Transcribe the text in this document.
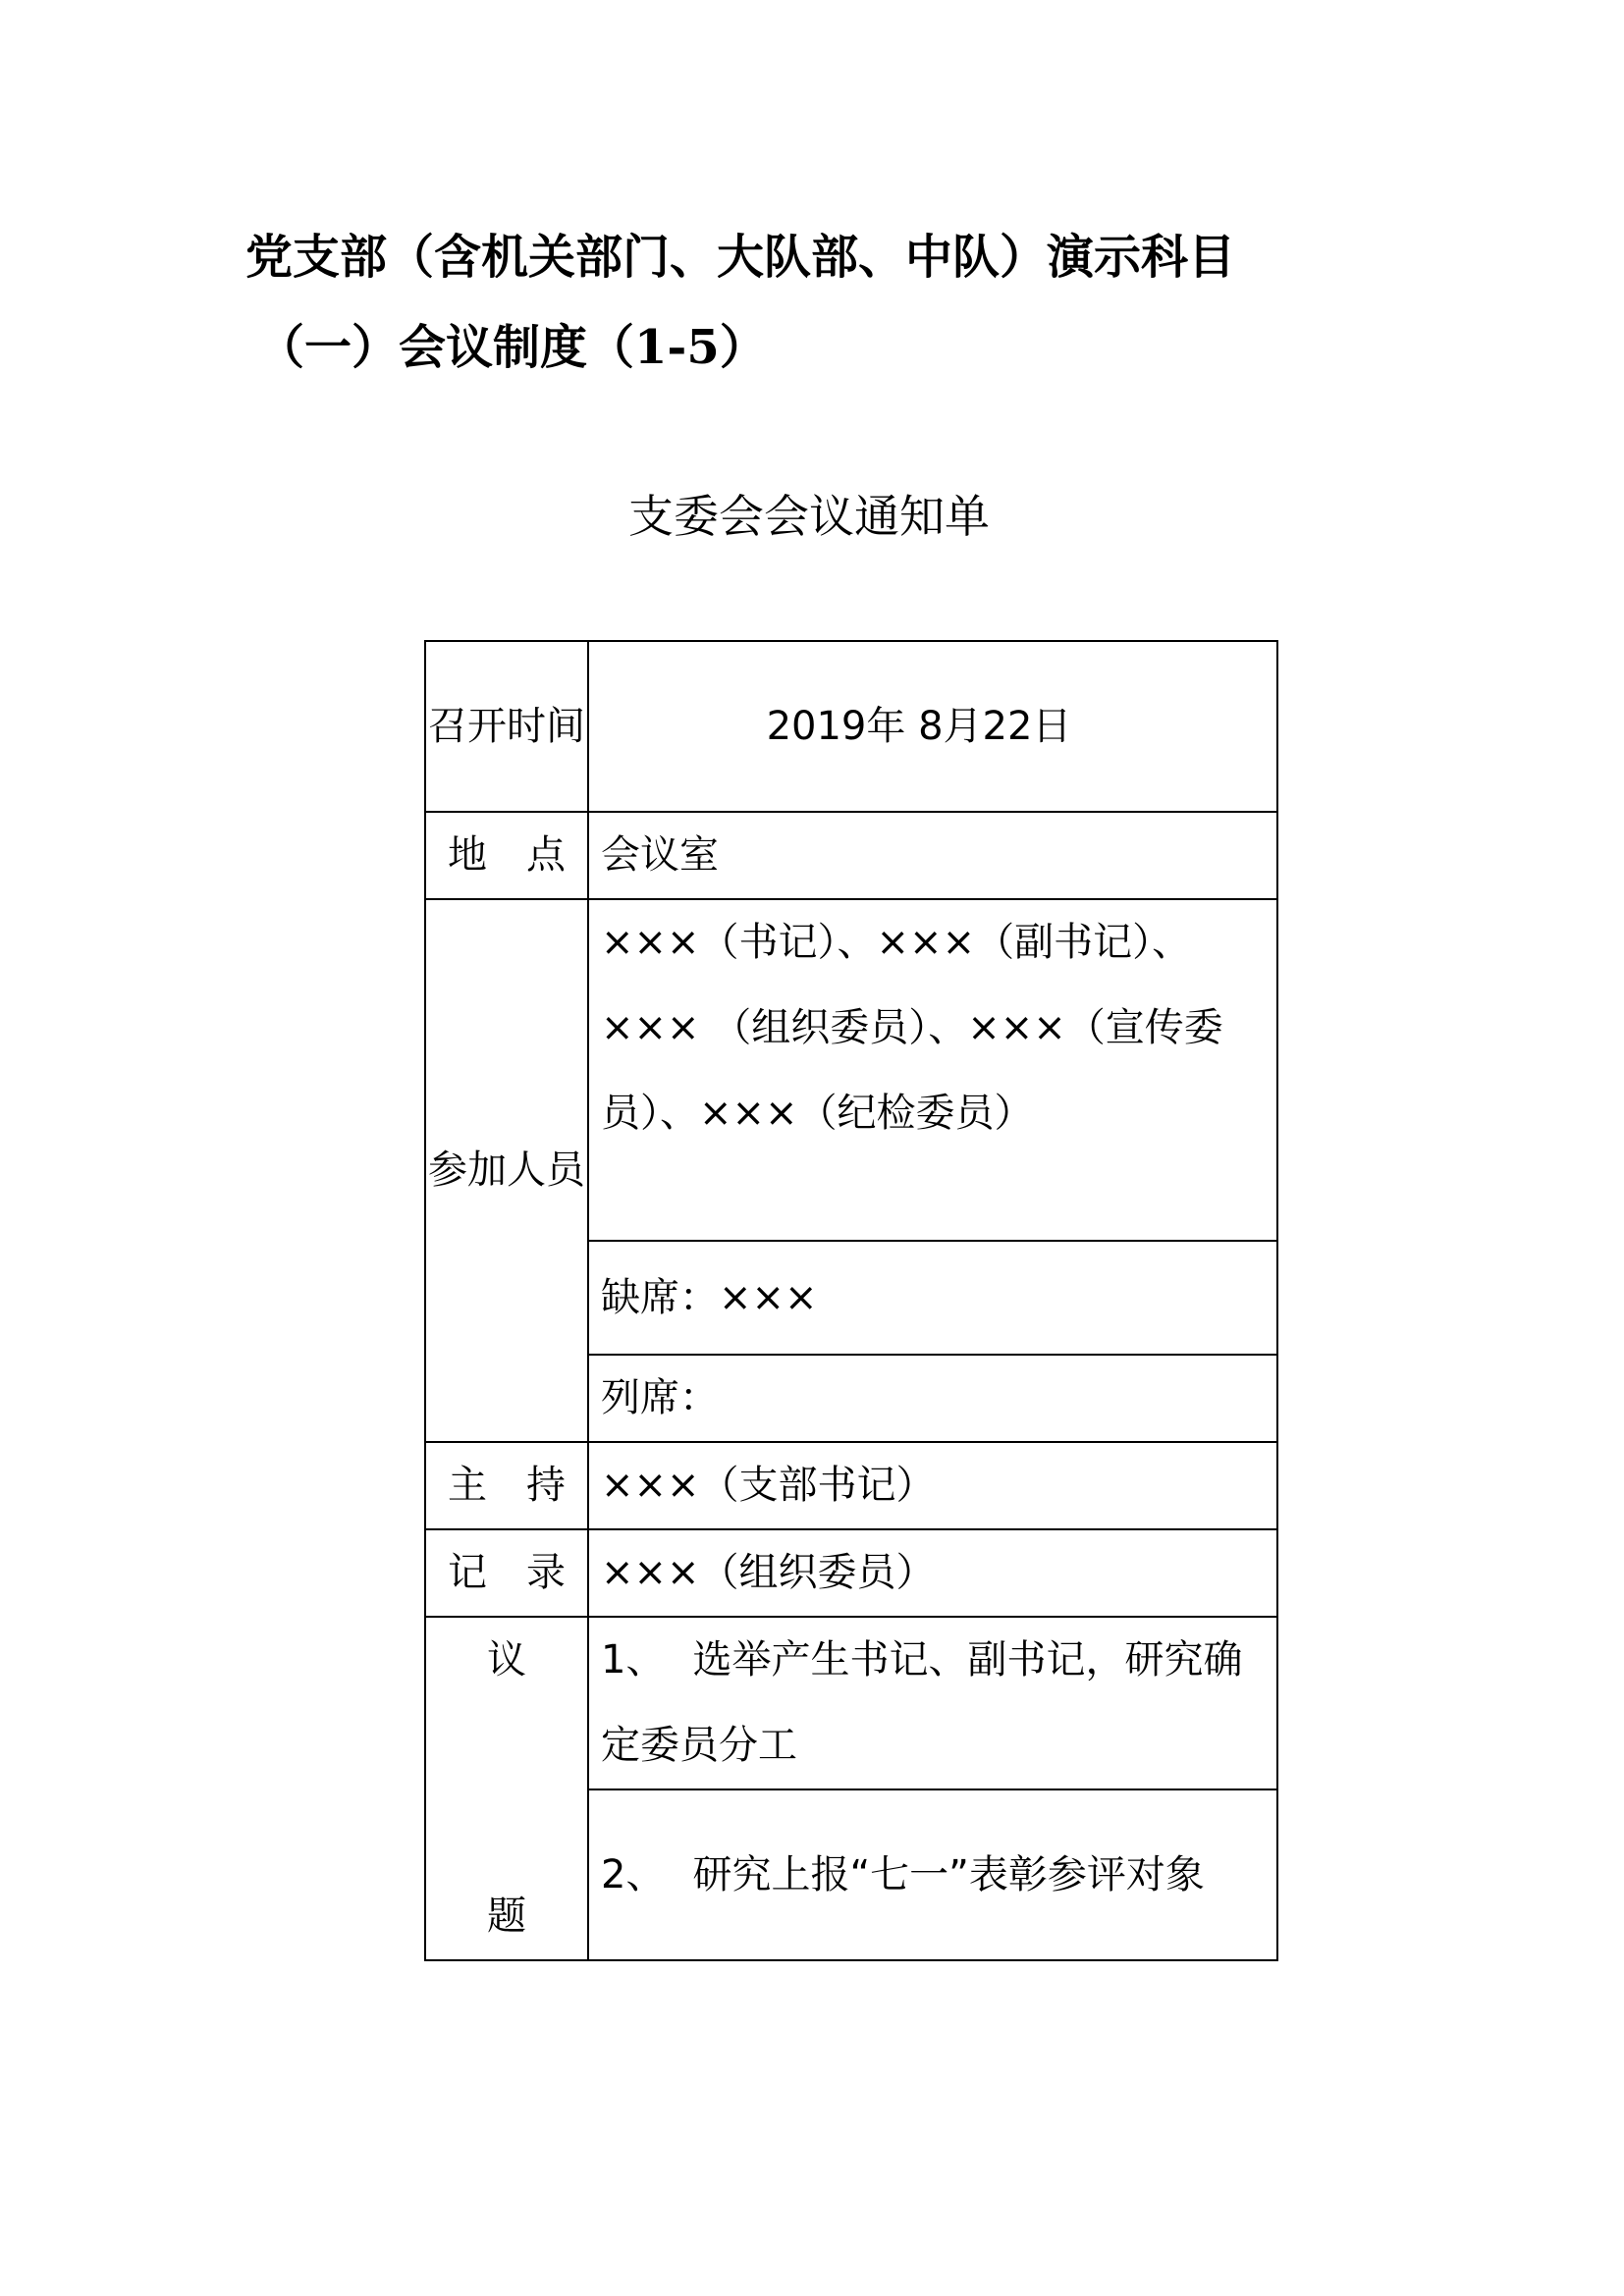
党支部（含机关部门、大队部、中队）演示科目
（一）会议制度（1-5）
支委会会议通知单
召开时间	2019年 8月22日
地　点	会议室
参加人员	×××（书记）、×××（副书记）、××× （组织委员）、×××（宣传委员）、×××（纪检委员）
	缺席：×××
	列席：
主　持	×××（支部书记）
记　录	×××（组织委员）

议
题	1、 选举产生书记、副书记，研究确定委员分工
	2、 研究上报“七一”表彰参评对象
